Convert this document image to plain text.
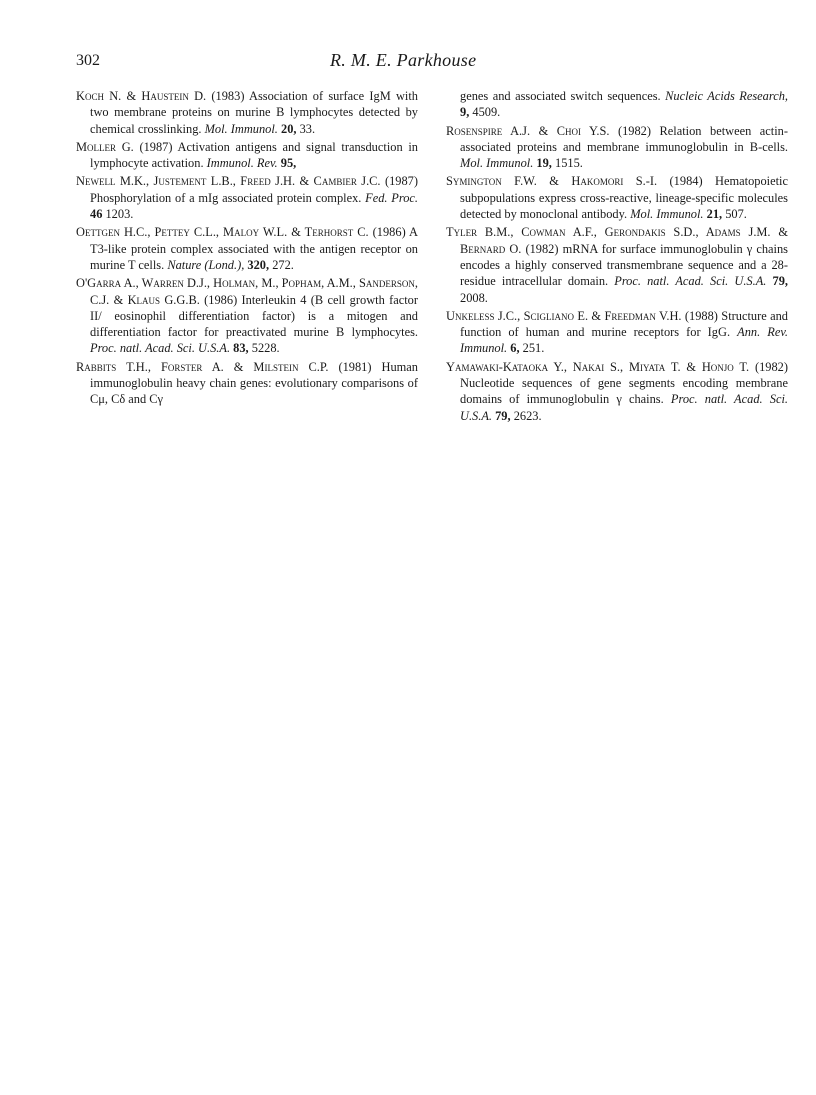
302	R. M. E. Parkhouse

Koch N. & Haustein D. (1983) Association of surface IgM with two membrane proteins on murine B lymphocytes detected by chemical crosslinking. Mol. Immunol. 20, 33.

Moller G. (1987) Activation antigens and signal transduction in lymphocyte activation. Immunol. Rev. 95,

Newell M.K., Justement L.B., Freed J.H. & Cambier J.C. (1987) Phosphorylation of a mIg associated protein complex. Fed. Proc. 46 1203.

Oettgen H.C., Pettey C.L., Maloy W.L. & Terhorst C. (1986) A T3-like protein complex associated with the antigen receptor on murine T cells. Nature (Lond.), 320, 272.

O'Garra A., Warren D.J., Holman, M., Popham, A.M., Sanderson, C.J. & Klaus G.G.B. (1986) Interleukin 4 (B cell growth factor II/ eosinophil differentiation factor) is a mitogen and differentiation factor for preactivated murine B lymphocytes. Proc. natl. Acad. Sci. U.S.A. 83, 5228.

Rabbits T.H., Forster A. & Milstein C.P. (1981) Human immunoglobulin heavy chain genes: evolutionary comparisons of Cμ, Cδ and Cγ

genes and associated switch sequences. Nucleic Acids Research, 9, 4509.

Rosenspire A.J. & Choi Y.S. (1982) Relation between actin-associated proteins and membrane immunoglobulin in B-cells. Mol. Immunol. 19, 1515.

Symington F.W. & Hakomori S.-I. (1984) Hematopoietic subpopulations express cross-reactive, lineage-specific molecules detected by monoclonal antibody. Mol. Immunol. 21, 507.

Tyler B.M., Cowman A.F., Gerondakis S.D., Adams J.M. & Bernard O. (1982) mRNA for surface immunoglobulin γ chains encodes a highly conserved transmembrane sequence and a 28-residue intracellular domain. Proc. natl. Acad. Sci. U.S.A. 79, 2008.

Unkeless J.C., Scigliano E. & Freedman V.H. (1988) Structure and function of human and murine receptors for IgG. Ann. Rev. Immunol. 6, 251.

Yamawaki-Kataoka Y., Nakai S., Miyata T. & Honjo T. (1982) Nucleotide sequences of gene segments encoding membrane domains of immunoglobulin γ chains. Proc. natl. Acad. Sci. U.S.A. 79, 2623.
